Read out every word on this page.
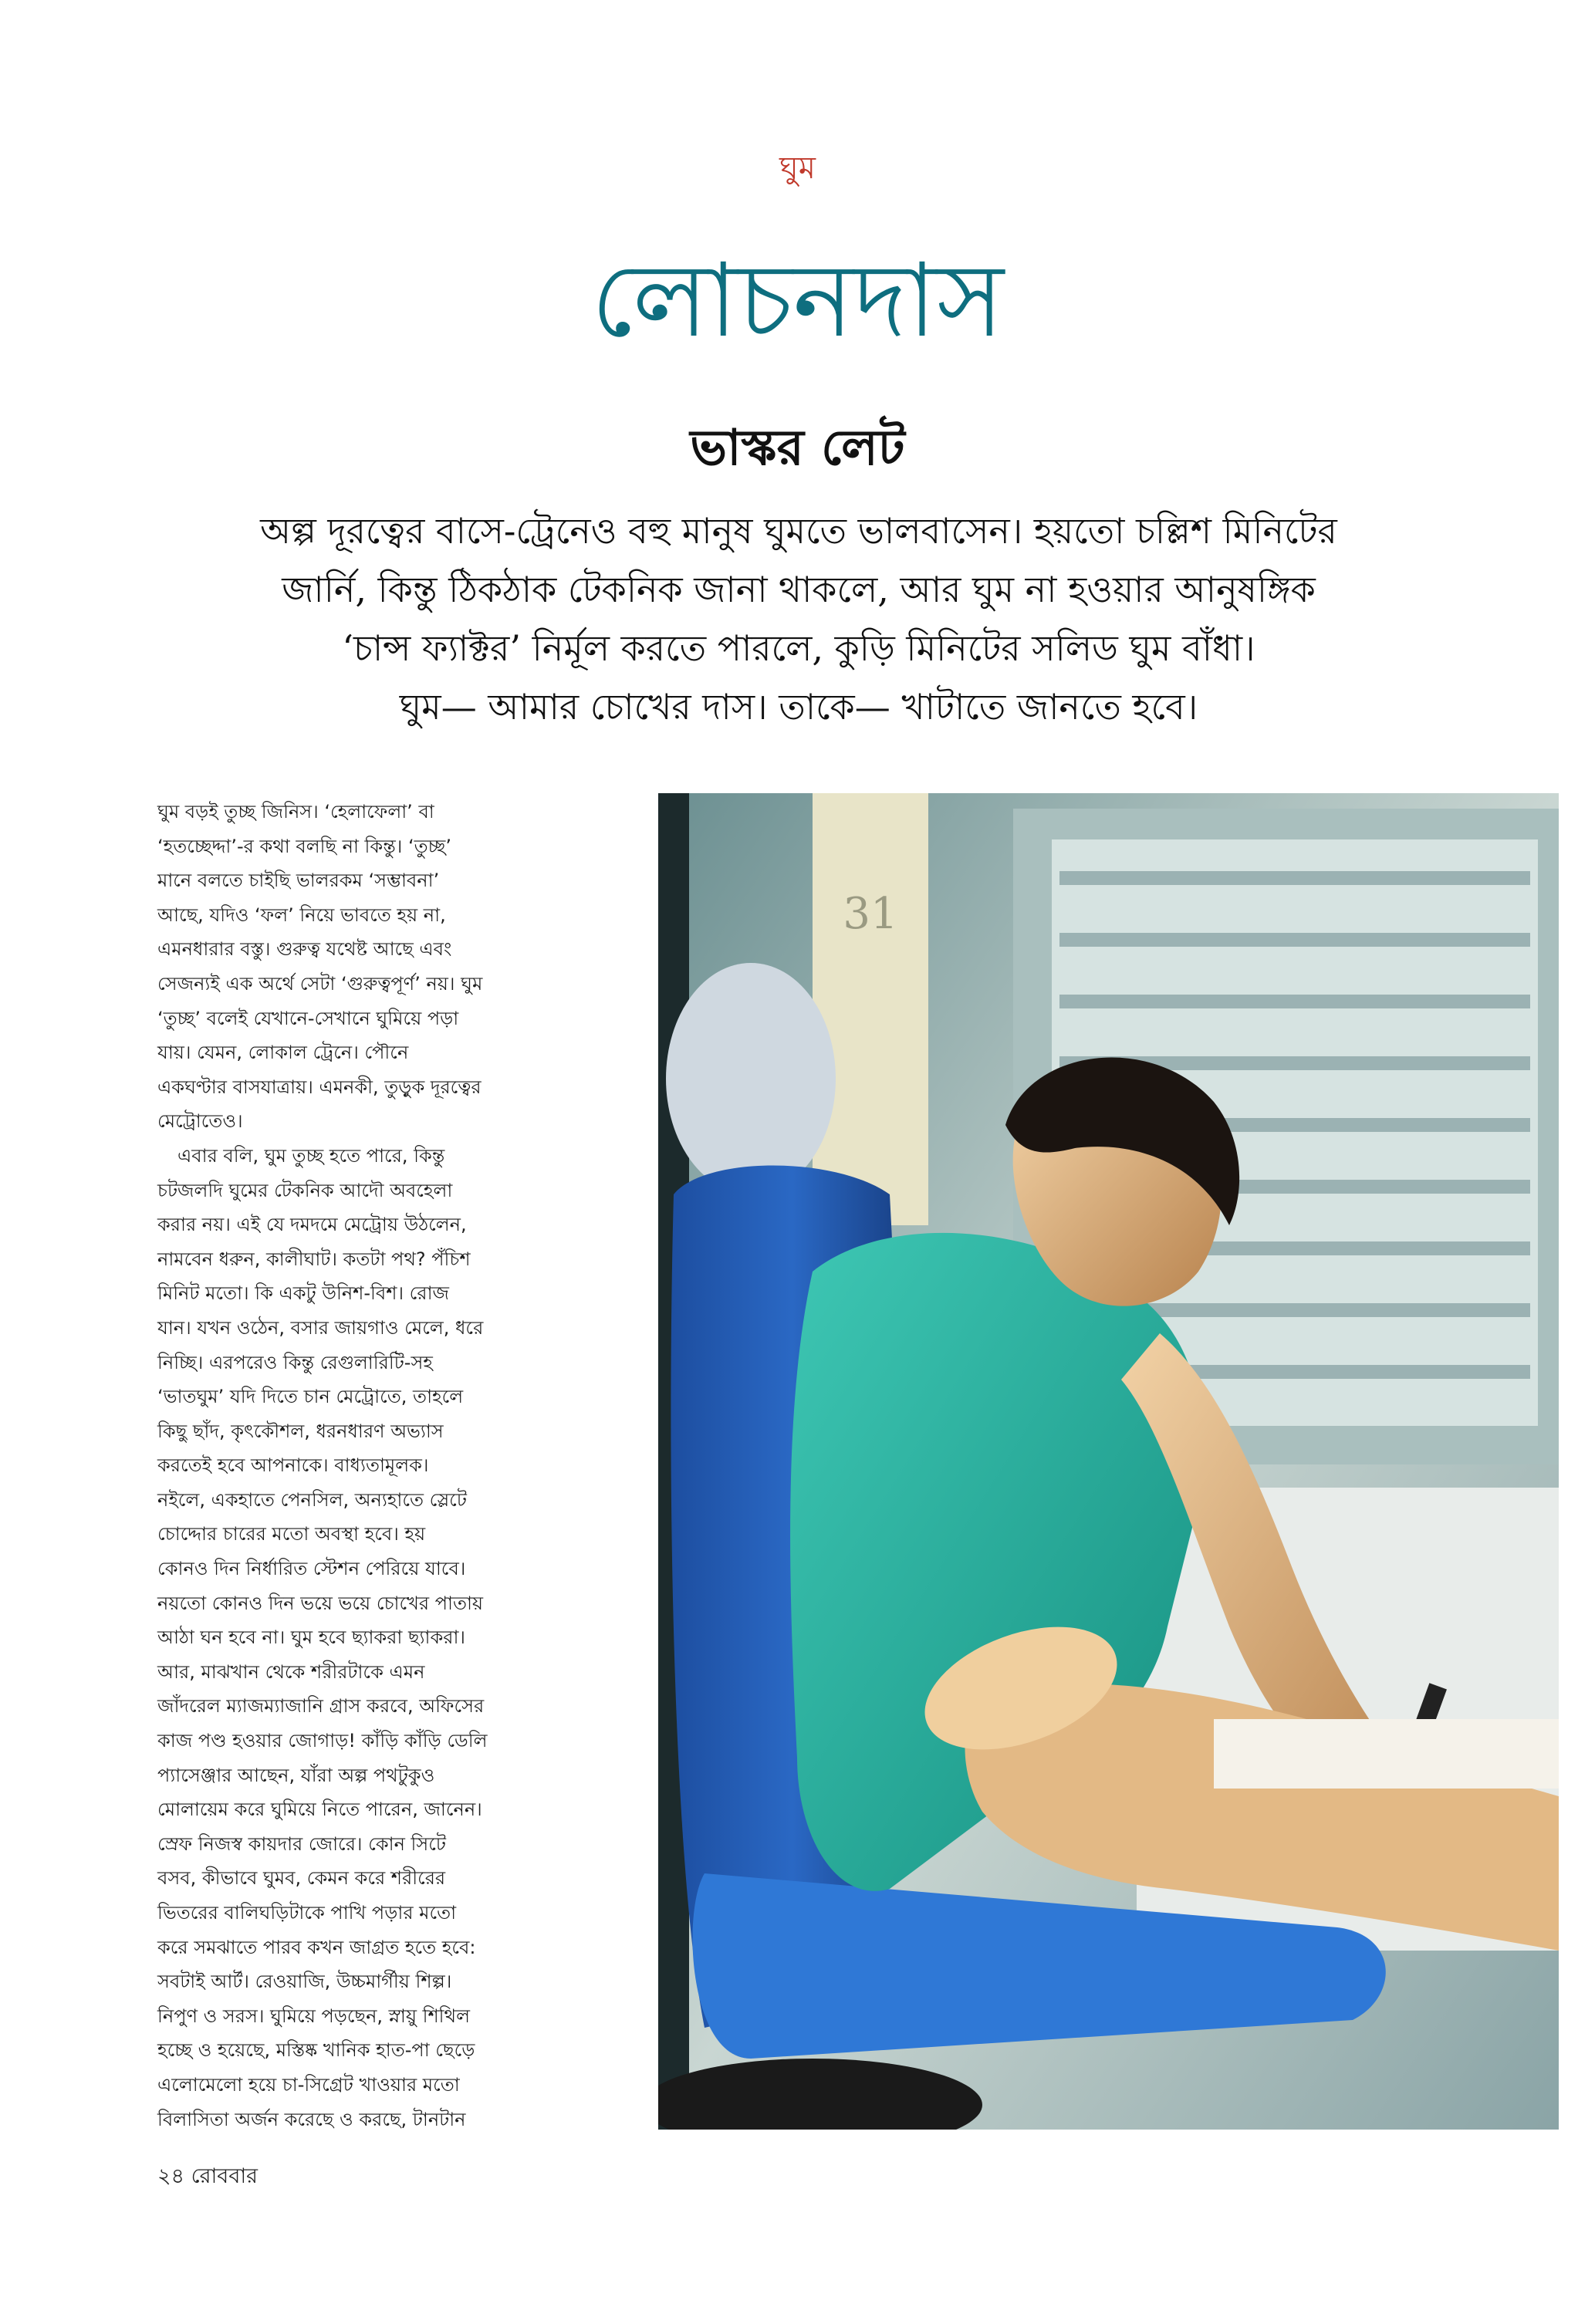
ঘুম
লোচনদাস
ভাস্কর লেট
অল্প দূরত্বের বাসে-ট্রেনেও বহু মানুষ ঘুমতে ভালবাসেন। হয়তো চল্লিশ মিনিটের
জার্নি, কিন্তু ঠিকঠাক টেকনিক জানা থাকলে, আর ঘুম না হওয়ার আনুষঙ্গিক
‘চান্স ফ্যাক্টর’ নির্মূল করতে পারলে, কুড়ি মিনিটের সলিড ঘুম বাঁধা।
ঘুম— আমার চোখের দাস। তাকে— খাটাতে জানতে হবে।
ঘুম বড়ই তুচ্ছ জিনিস। ‘হেলাফেলা’ বা
‘হতচ্ছেদ্দা’-র কথা বলছি না কিন্তু। ‘তুচ্ছ’
মানে বলতে চাইছি ভালরকম ‘সম্ভাবনা’
আছে, যদিও ‘ফল’ নিয়ে ভাবতে হয় না,
এমনধারার বস্তু। গুরুত্ব যথেষ্ট আছে এবং
সেজন্যই এক অর্থে সেটা ‘গুরুত্বপূর্ণ’ নয়। ঘুম
‘তুচ্ছ’ বলেই যেখানে-সেখানে ঘুমিয়ে পড়া
যায়। যেমন, লোকাল ট্রেনে। পৌনে
একঘণ্টার বাসযাত্রায়। এমনকী, তুড়ুক দূরত্বের
মেট্রোতেও।
এবার বলি, ঘুম তুচ্ছ হতে পারে, কিন্তু
চটজলদি ঘুমের টেকনিক আদৌ অবহেলা
করার নয়। এই যে দমদমে মেট্রোয় উঠলেন,
নামবেন ধরুন, কালীঘাট। কতটা পথ? পঁচিশ
মিনিট মতো। কি একটু উনিশ-বিশ। রোজ
যান। যখন ওঠেন, বসার জায়গাও মেলে, ধরে
নিচ্ছি। এরপরেও কিন্তু রেগুলারিটি-সহ
‘ভাতঘুম’ যদি দিতে চান মেট্রোতে, তাহলে
কিছু ছাঁদ, কৃৎকৌশল, ধরনধারণ অভ্যাস
করতেই হবে আপনাকে। বাধ্যতামূলক।
নইলে, একহাতে পেনসিল, অন্যহাতে স্লেটে
চোদ্দোর চারের মতো অবস্থা হবে। হয়
কোনও দিন নির্ধারিত স্টেশন পেরিয়ে যাবে।
নয়তো কোনও দিন ভয়ে ভয়ে চোখের পাতায়
আঠা ঘন হবে না। ঘুম হবে ছ্যাকরা ছ্যাকরা।
আর, মাঝখান থেকে শরীরটাকে এমন
জাঁদরেল ম্যাজম্যাজানি গ্রাস করবে, অফিসের
কাজ পণ্ড হওয়ার জোগাড়! কাঁড়ি কাঁড়ি ডেলি
প্যাসেঞ্জার আছেন, যাঁরা অল্প পথটুকুও
মোলায়েম করে ঘুমিয়ে নিতে পারেন, জানেন।
স্রেফ নিজস্ব কায়দার জোরে। কোন সিটে
বসব, কীভাবে ঘুমব, কেমন করে শরীরের
ভিতরের বালিঘড়িটাকে পাখি পড়ার মতো
করে সমঝাতে পারব কখন জাগ্রত হতে হবে:
সবটাই আর্ট। রেওয়াজি, উচ্চমার্গীয় শিল্প।
নিপুণ ও সরস। ঘুমিয়ে পড়ছেন, স্নায়ু শিথিল
হচ্ছে ও হয়েছে, মস্তিষ্ক খানিক হাত-পা ছেড়ে
এলোমেলো হয়ে চা-সিগ্রেট খাওয়ার মতো
বিলাসিতা অর্জন করেছে ও করছে, টানটান
31
২৪ রোববার
